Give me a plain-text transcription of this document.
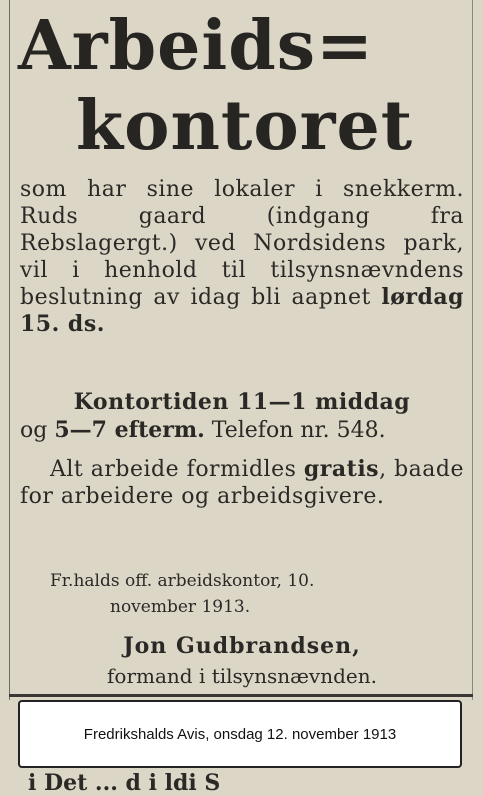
Arbeids=
kontoret

som har sine lokaler i snekkerm. Ruds gaard (indgang fra Rebslagergt.) ved Nordsidens park, vil i henhold til tilsynsnævndens beslutning av idag bli aapnet lørdag 15. ds.

Kontortiden 11—1 middag
og 5—7 efterm. Telefon nr. 548.

Alt arbeide formidles gratis, baade for arbeidere og arbeidsgivere.

Fr.halds off. arbeidskontor, 10.
november 1913.

Jon Gudbrandsen,

formand i tilsynsnævnden.

Fredrikshalds Avis, onsdag 12. november 1913
i Det ... d i ldi S
